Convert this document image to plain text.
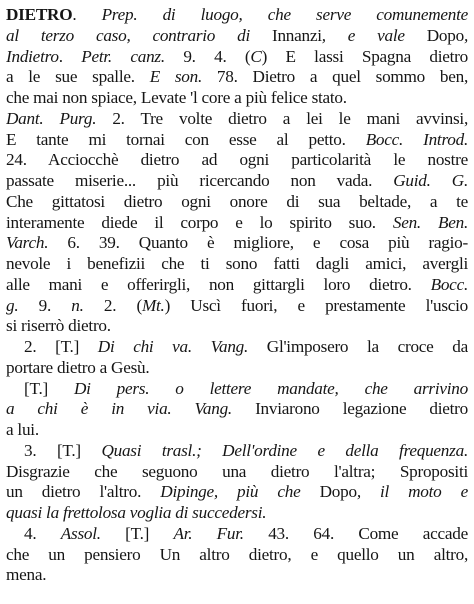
DIETRO. Prep. di luogo, che serve comunemente
al terzo caso, contrario di Innanzi, e vale Dopo,
Indietro. Petr. canz. 9. 4. (C) E lassi Spagna dietro
a le sue spalle. E son. 78. Dietro a quel sommo ben,
che mai non spiace, Levate 'l core a più felice stato.
Dant. Purg. 2. Tre volte dietro a lei le mani avvinsi,
E tante mi tornai con esse al petto. Bocc. Introd.
24. Acciocchè dietro ad ogni particolarità le nostre
passate miserie... più ricercando non vada. Guid. G.
Che gittatosi dietro ogni onore di sua beltade, a te
interamente diede il corpo e lo spirito suo. Sen. Ben.
Varch. 6. 39. Quanto è migliore, e cosa più ragio-
nevole i benefizii che ti sono fatti dagli amici, avergli
alle mani e offerirgli, non gittargli loro dietro. Bocc.
g. 9. n. 2. (Mt.) Uscì fuori, e prestamente l'uscio
si riserrò dietro.
2. [T.] Di chi va. Vang. Gl'imposero la croce da
portare dietro a Gesù.
[T.] Di pers. o lettere mandate, che arrivino
a chi è in via. Vang. Inviarono legazione dietro
a lui.
3. [T.] Quasi trasl.; Dell'ordine e della frequenza.
Disgrazie che seguono una dietro l'altra; Spropositi
un dietro l'altro. Dipinge, più che Dopo, il moto e
quasi la frettolosa voglia di succedersi.
4. Assol. [T.] Ar. Fur. 43. 64. Come accade
che un pensiero Un altro dietro, e quello un altro,
mena.
